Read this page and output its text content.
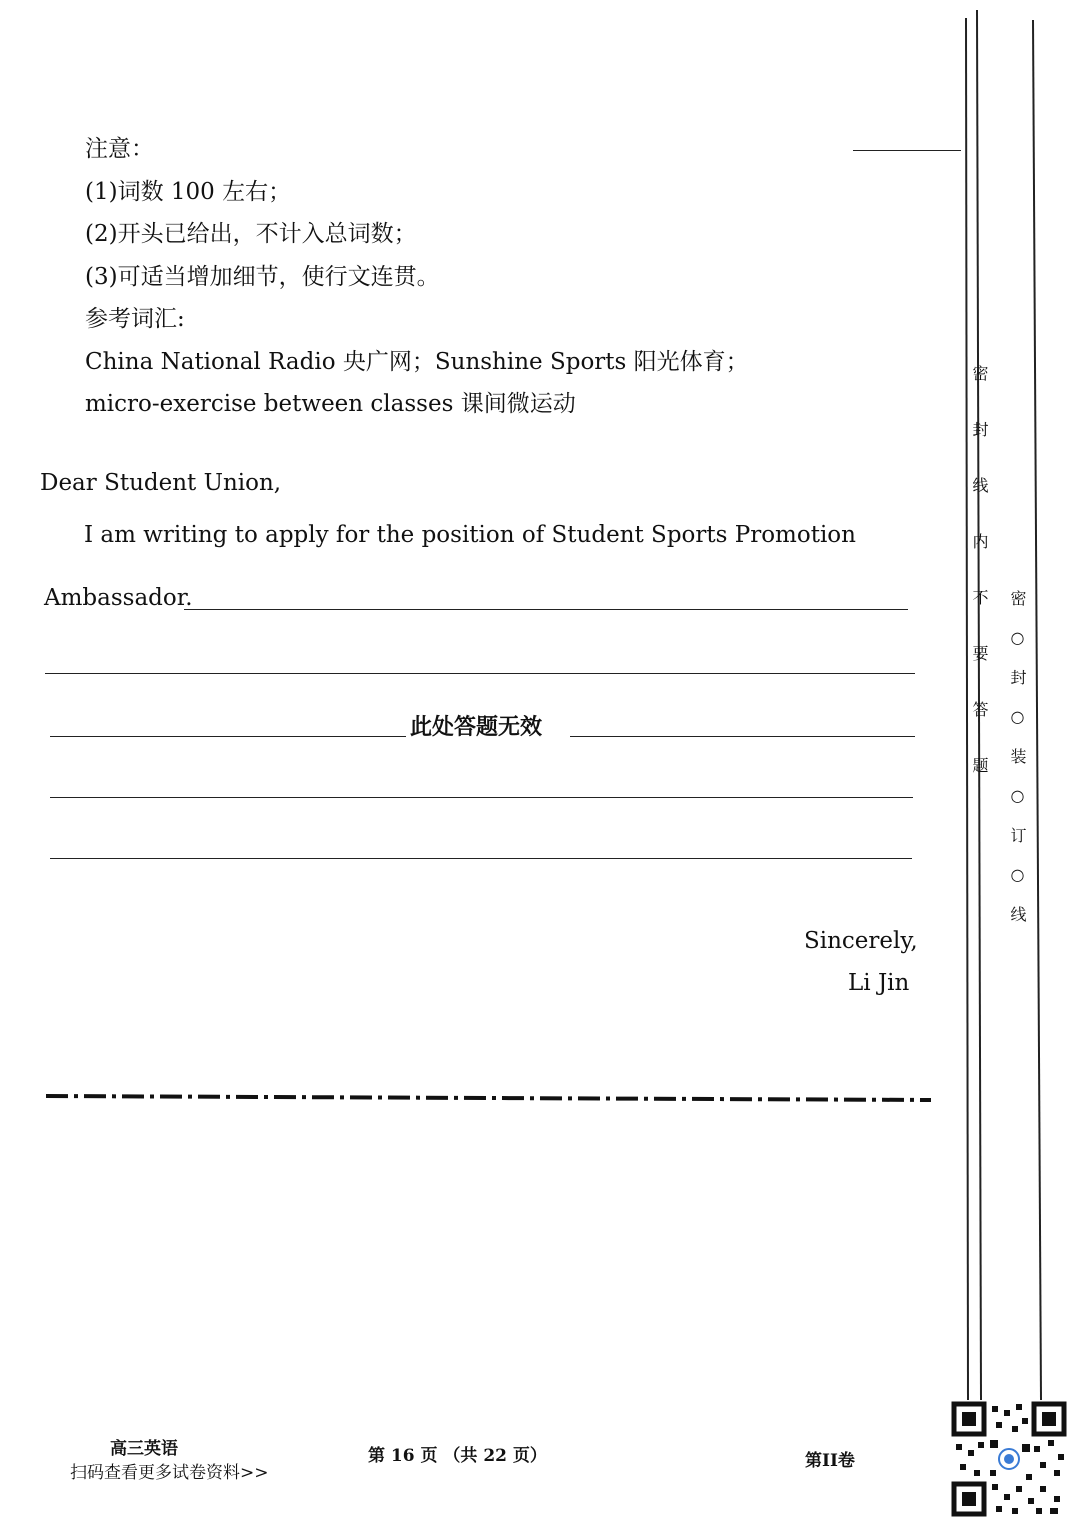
注意：
(1)词数 100 左右；
(2)开头已给出，不计入总词数；
(3)可适当增加细节，使行文连贯。
参考词汇:
China National Radio 央广网；Sunshine Sports 阳光体育；
micro-exercise between classes 课间微运动
Dear Student Union,
I am writing to apply for the position of Student Sports Promotion
Ambassador.
此处答题无效
Sincerely,
Li Jin
密封线内不要答题 密○封○装○订○线
高三英语
扫码查看更多试卷资料>>
第 16 页 （共 22 页）	第II卷
